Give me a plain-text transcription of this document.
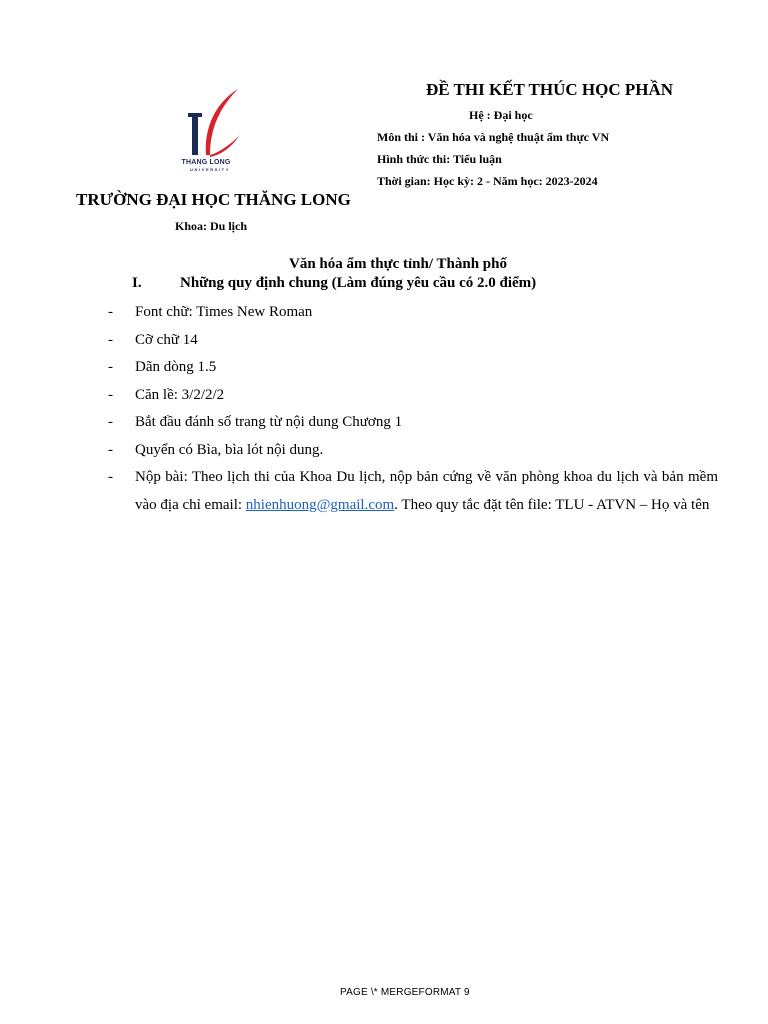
THANG LONG
UNIVERSITY
TRƯỜNG ĐẠI HỌC THĂNG LONG
Khoa: Du lịch
ĐỀ THI KẾT THÚC HỌC PHẦN
Hệ : Đại học
Môn thi : Văn hóa và nghệ thuật ẩm thực VN
Hình thức thi: Tiểu luận
Thời gian: Học kỳ: 2 - Năm học: 2023-2024
Văn hóa ẩm thực tỉnh/ Thành phố
I.	Những quy định chung (Làm đúng yêu cầu có 2.0 điểm)
- Font chữ: Times New Roman
- Cỡ chữ 14
- Dãn dòng 1.5
- Căn lề: 3/2/2/2
- Bắt đầu đánh số trang từ nội dung Chương 1
- Quyển có Bìa, bìa lót nội dung.
- Nộp bài: Theo lịch thi của Khoa Du lịch, nộp bản cứng về văn phòng khoa du lịch và bản mềm vào địa chỉ email: nhienhuong@gmail.com. Theo quy tắc đặt tên file: TLU - ATVN – Họ và tên
PAGE \* MERGEFORMAT 9
